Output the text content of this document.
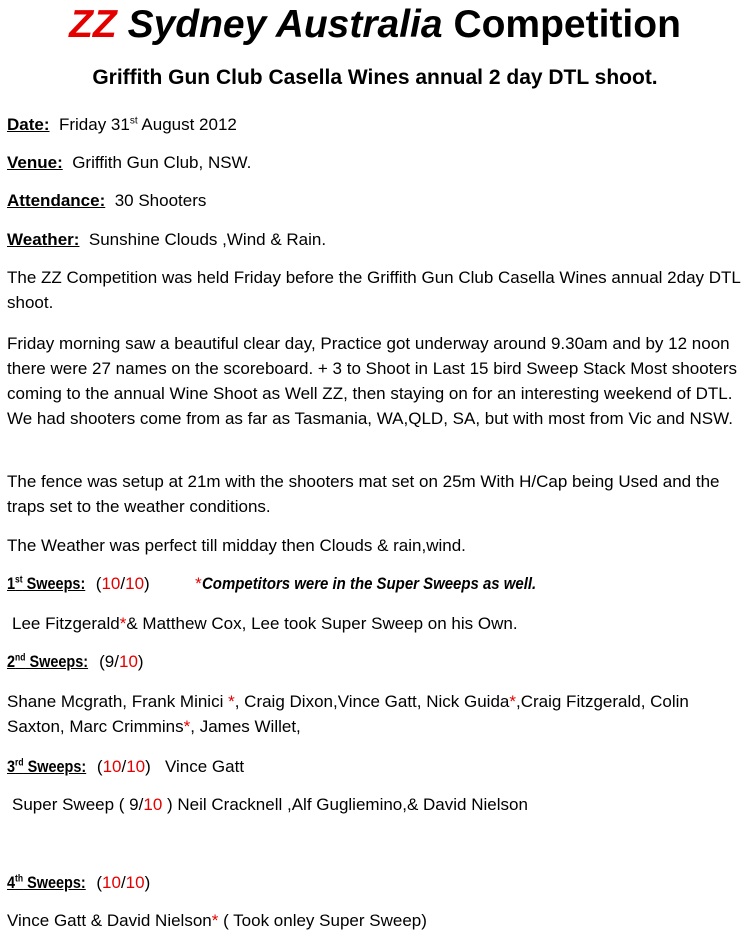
ZZ Sydney Australia Competition
Griffith Gun Club Casella Wines annual 2 day DTL shoot.
Date: Friday 31st August 2012
Venue: Griffith Gun Club, NSW.
Attendance: 30 Shooters
Weather: Sunshine Clouds ,Wind & Rain.
The ZZ Competition was held Friday before the Griffith Gun Club Casella Wines annual 2day DTL shoot.
Friday morning saw a beautiful clear day, Practice got underway around 9.30am and by 12 noon there were 27 names on the scoreboard. + 3 to Shoot in Last 15 bird Sweep Stack Most shooters coming to the annual Wine Shoot as Well ZZ, then staying on for an interesting weekend of DTL. We had shooters come from as far as Tasmania, WA,QLD, SA, but with most from Vic and NSW.
The fence was setup at 21m with the shooters mat set on 25m With H/Cap being Used and the traps set to the weather conditions.
The Weather was perfect till midday then Clouds & rain,wind.
1st Sweeps: (10/10)  *Competitors were in the Super Sweeps as well.
Lee Fitzgerald*& Matthew Cox, Lee took Super Sweep on his Own.
2nd Sweeps: (9/10)
Shane Mcgrath, Frank Minici *, Craig Dixon,Vince Gatt, Nick Guida*,Craig Fitzgerald, Colin Saxton, Marc Crimmins*, James Willet,
3rd Sweeps: (10/10)   Vince Gatt
Super Sweep ( 9/10 ) Neil Cracknell ,Alf Gugliemino,& David Nielson
4th Sweeps: (10/10)
Vince Gatt & David Nielson* ( Took onley Super Sweep)
